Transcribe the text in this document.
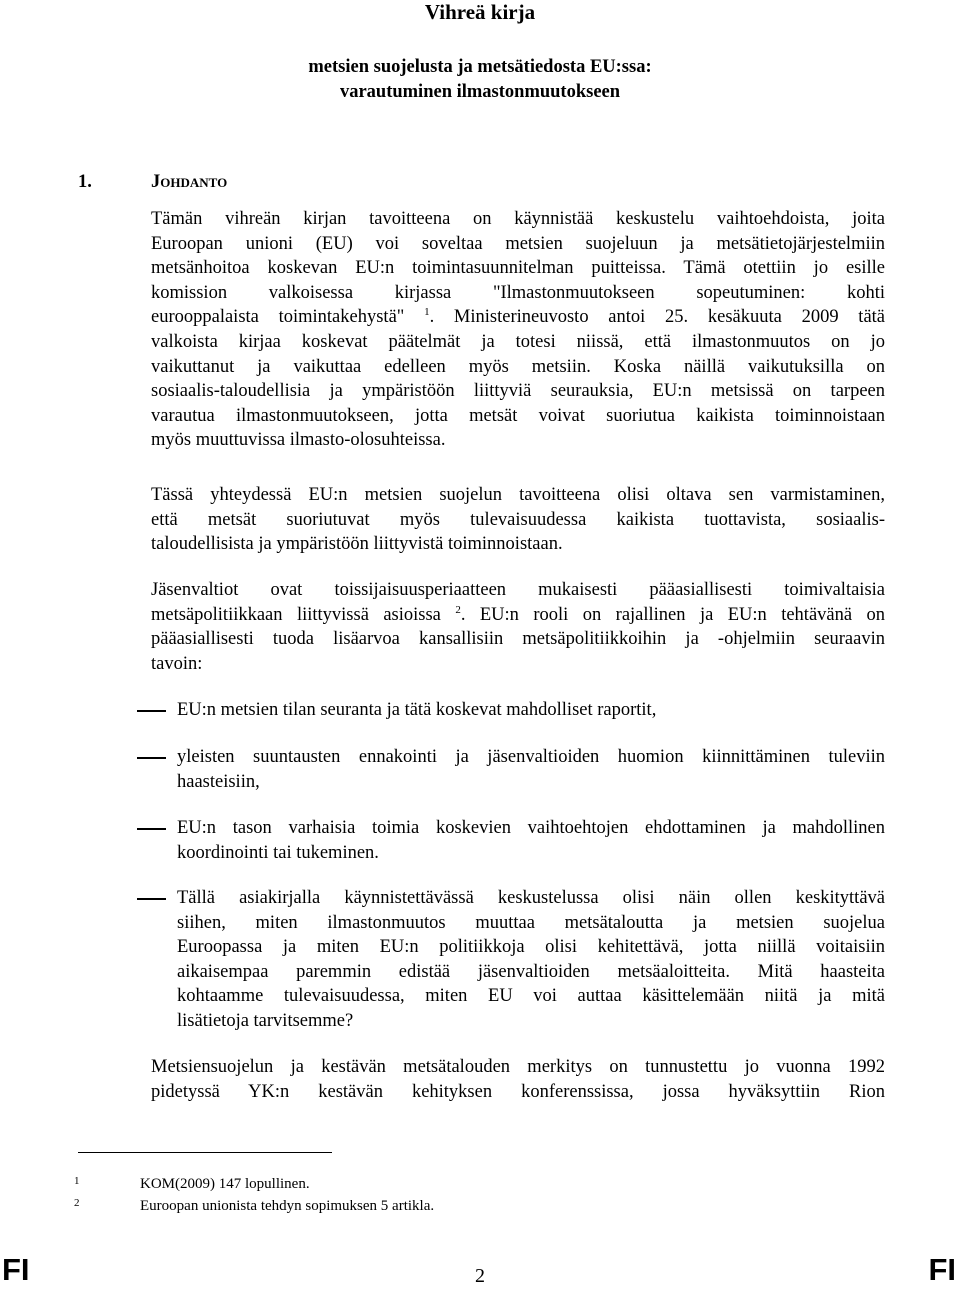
Vihreä kirja
metsien suojelusta ja metsätiedosta EU:ssa:
varautuminen ilmastonmuutokseen
1.	Johdanto
Tämän vihreän kirjan tavoitteena on käynnistää keskustelu vaihtoehdoista, joita
Euroopan unioni (EU) voi soveltaa metsien suojeluun ja metsätietojärjestelmiin
metsänhoitoa koskevan EU:n toimintasuunnitelman puitteissa. Tämä otettiin jo esille
komission valkoisessa kirjassa "Ilmastonmuutokseen sopeutuminen: kohti
eurooppalaista toimintakehystä" $^1$. Ministerineuvosto antoi 25. kesäkuuta 2009 tätä
valkoista kirjaa koskevat päätelmät ja totesi niissä, että ilmastonmuutos on jo
vaikuttanut ja vaikuttaa edelleen myös metsiin. Koska näillä vaikutuksilla on
sosiaalis-taloudellisia ja ympäristöön liittyviä seurauksia, EU:n metsissä on tarpeen
varautua ilmastonmuutokseen, jotta metsät voivat suoriutua kaikista toiminnoistaan
myös muuttuvissa ilmasto-olosuhteissa.
Tässä yhteydessä EU:n metsien suojelun tavoitteena olisi oltava sen varmistaminen,
että metsät suoriutuvat myös tulevaisuudessa kaikista tuottavista, sosiaalis-
taloudellisista ja ympäristöön liittyvistä toiminnoistaan.
Jäsenvaltiot ovat toissijaisuusperiaatteen mukaisesti pääasiallisesti toimivaltaisia
metsäpolitiikkaan liittyvissä asioissa $^2$. EU:n rooli on rajallinen ja EU:n tehtävänä on
pääasiallisesti tuoda lisäarvoa kansallisiin metsäpolitiikkoihin ja -ohjelmiin seuraavin
tavoin:
EU:n metsien tilan seuranta ja tätä koskevat mahdolliset raportit,
yleisten suuntausten ennakointi ja jäsenvaltioiden huomion kiinnittäminen tuleviin
haasteisiin,
EU:n tason varhaisia toimia koskevien vaihtoehtojen ehdottaminen ja mahdollinen
koordinointi tai tukeminen.
Tällä asiakirjalla käynnistettävässä keskustelussa olisi näin ollen keskityttävä
siihen, miten ilmastonmuutos muuttaa metsätaloutta ja metsien suojelua
Euroopassa ja miten EU:n politiikkoja olisi kehitettävä, jotta niillä voitaisiin
aikaisempaa paremmin edistää jäsenvaltioiden metsäaloitteita. Mitä haasteita
kohtaamme tulevaisuudessa, miten EU voi auttaa käsittelemään niitä ja mitä
lisätietoja tarvitsemme?
Metsiensuojelun ja kestävän metsätalouden merkitys on tunnustettu jo vuonna 1992
pidetyssä YK:n kestävän kehityksen konferenssissa, jossa hyväksyttiin Rion
1	KOM(2009) 147 lopullinen.
2	Euroopan unionista tehdyn sopimuksen 5 artikla.
FI	2	FI
